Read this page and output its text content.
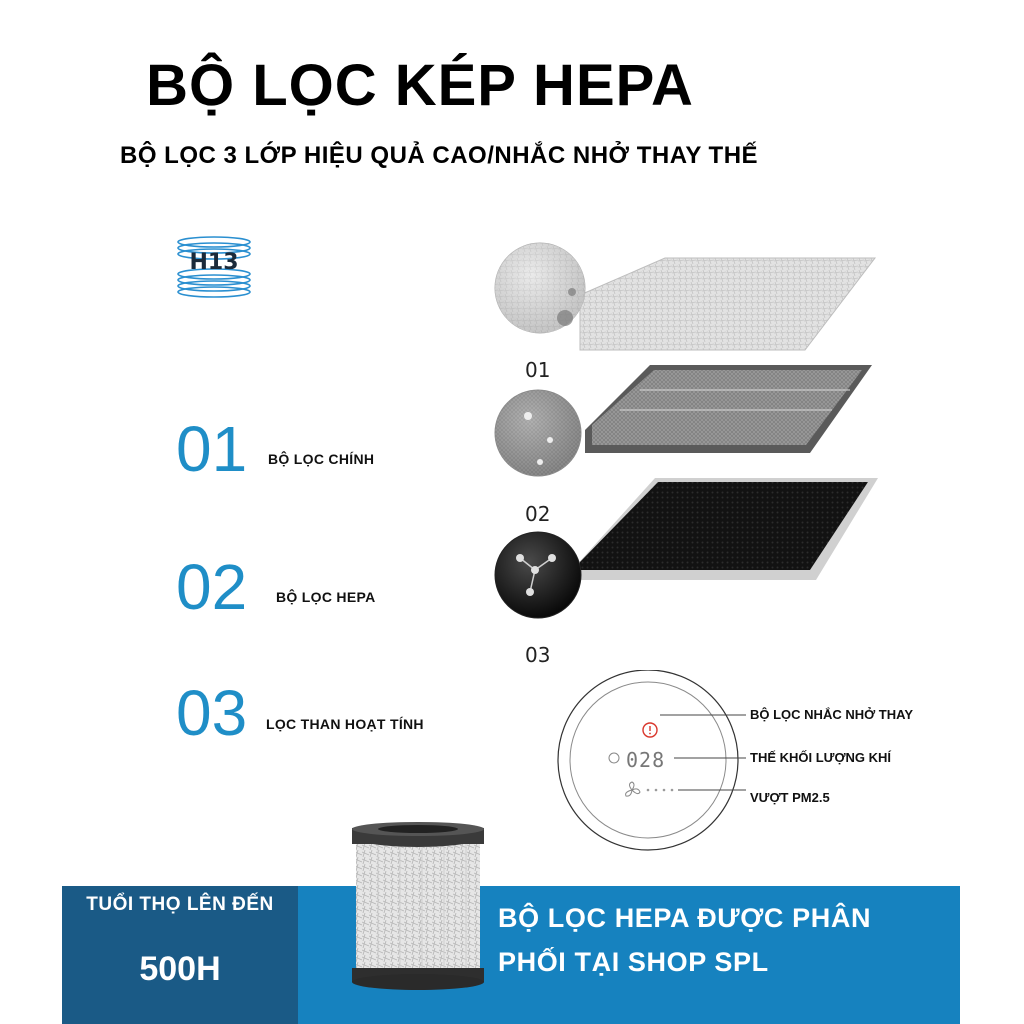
BỘ LỌC KÉP HEPA
BỘ LỌC 3 LỚP HIỆU QUẢ CAO/NHẮC NHỞ THAY THẾ
H13
01 BỘ LỌC CHÍNH
02 BỘ LỌC HEPA
03 LỌC THAN HOẠT TÍNH
01
02
03
028
BỘ LỌC NHẮC NHỞ THAY
THẾ KHỐI LƯỢNG KHÍ
VƯỢT PM2.5
TUỔI THỌ LÊN ĐẾN
500H
BỘ LỌC HEPA ĐƯỢC PHÂN
PHỐI TẠI SHOP SPL
